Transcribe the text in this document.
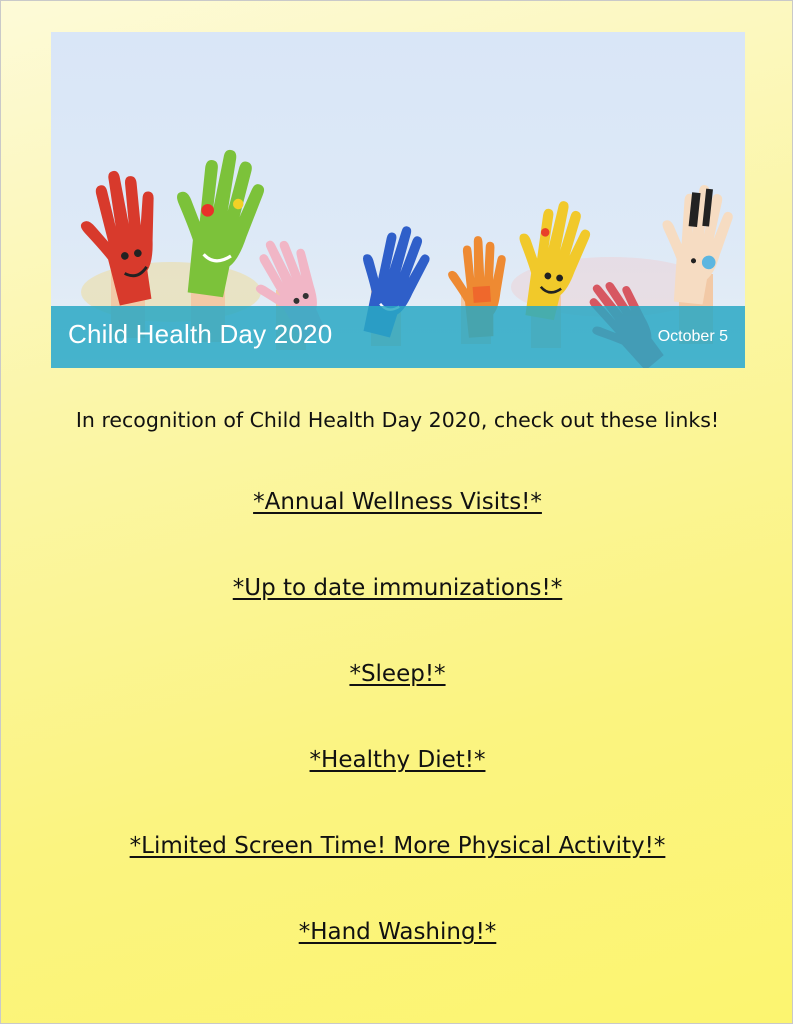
Child Health Day 2020	October 5
In recognition of Child Health Day 2020, check out these links!
*Annual Wellness Visits!*
*Up to date immunizations!*
*Sleep!*
*Healthy Diet!*
*Limited Screen Time! More Physical Activity!*
*Hand Washing!*
